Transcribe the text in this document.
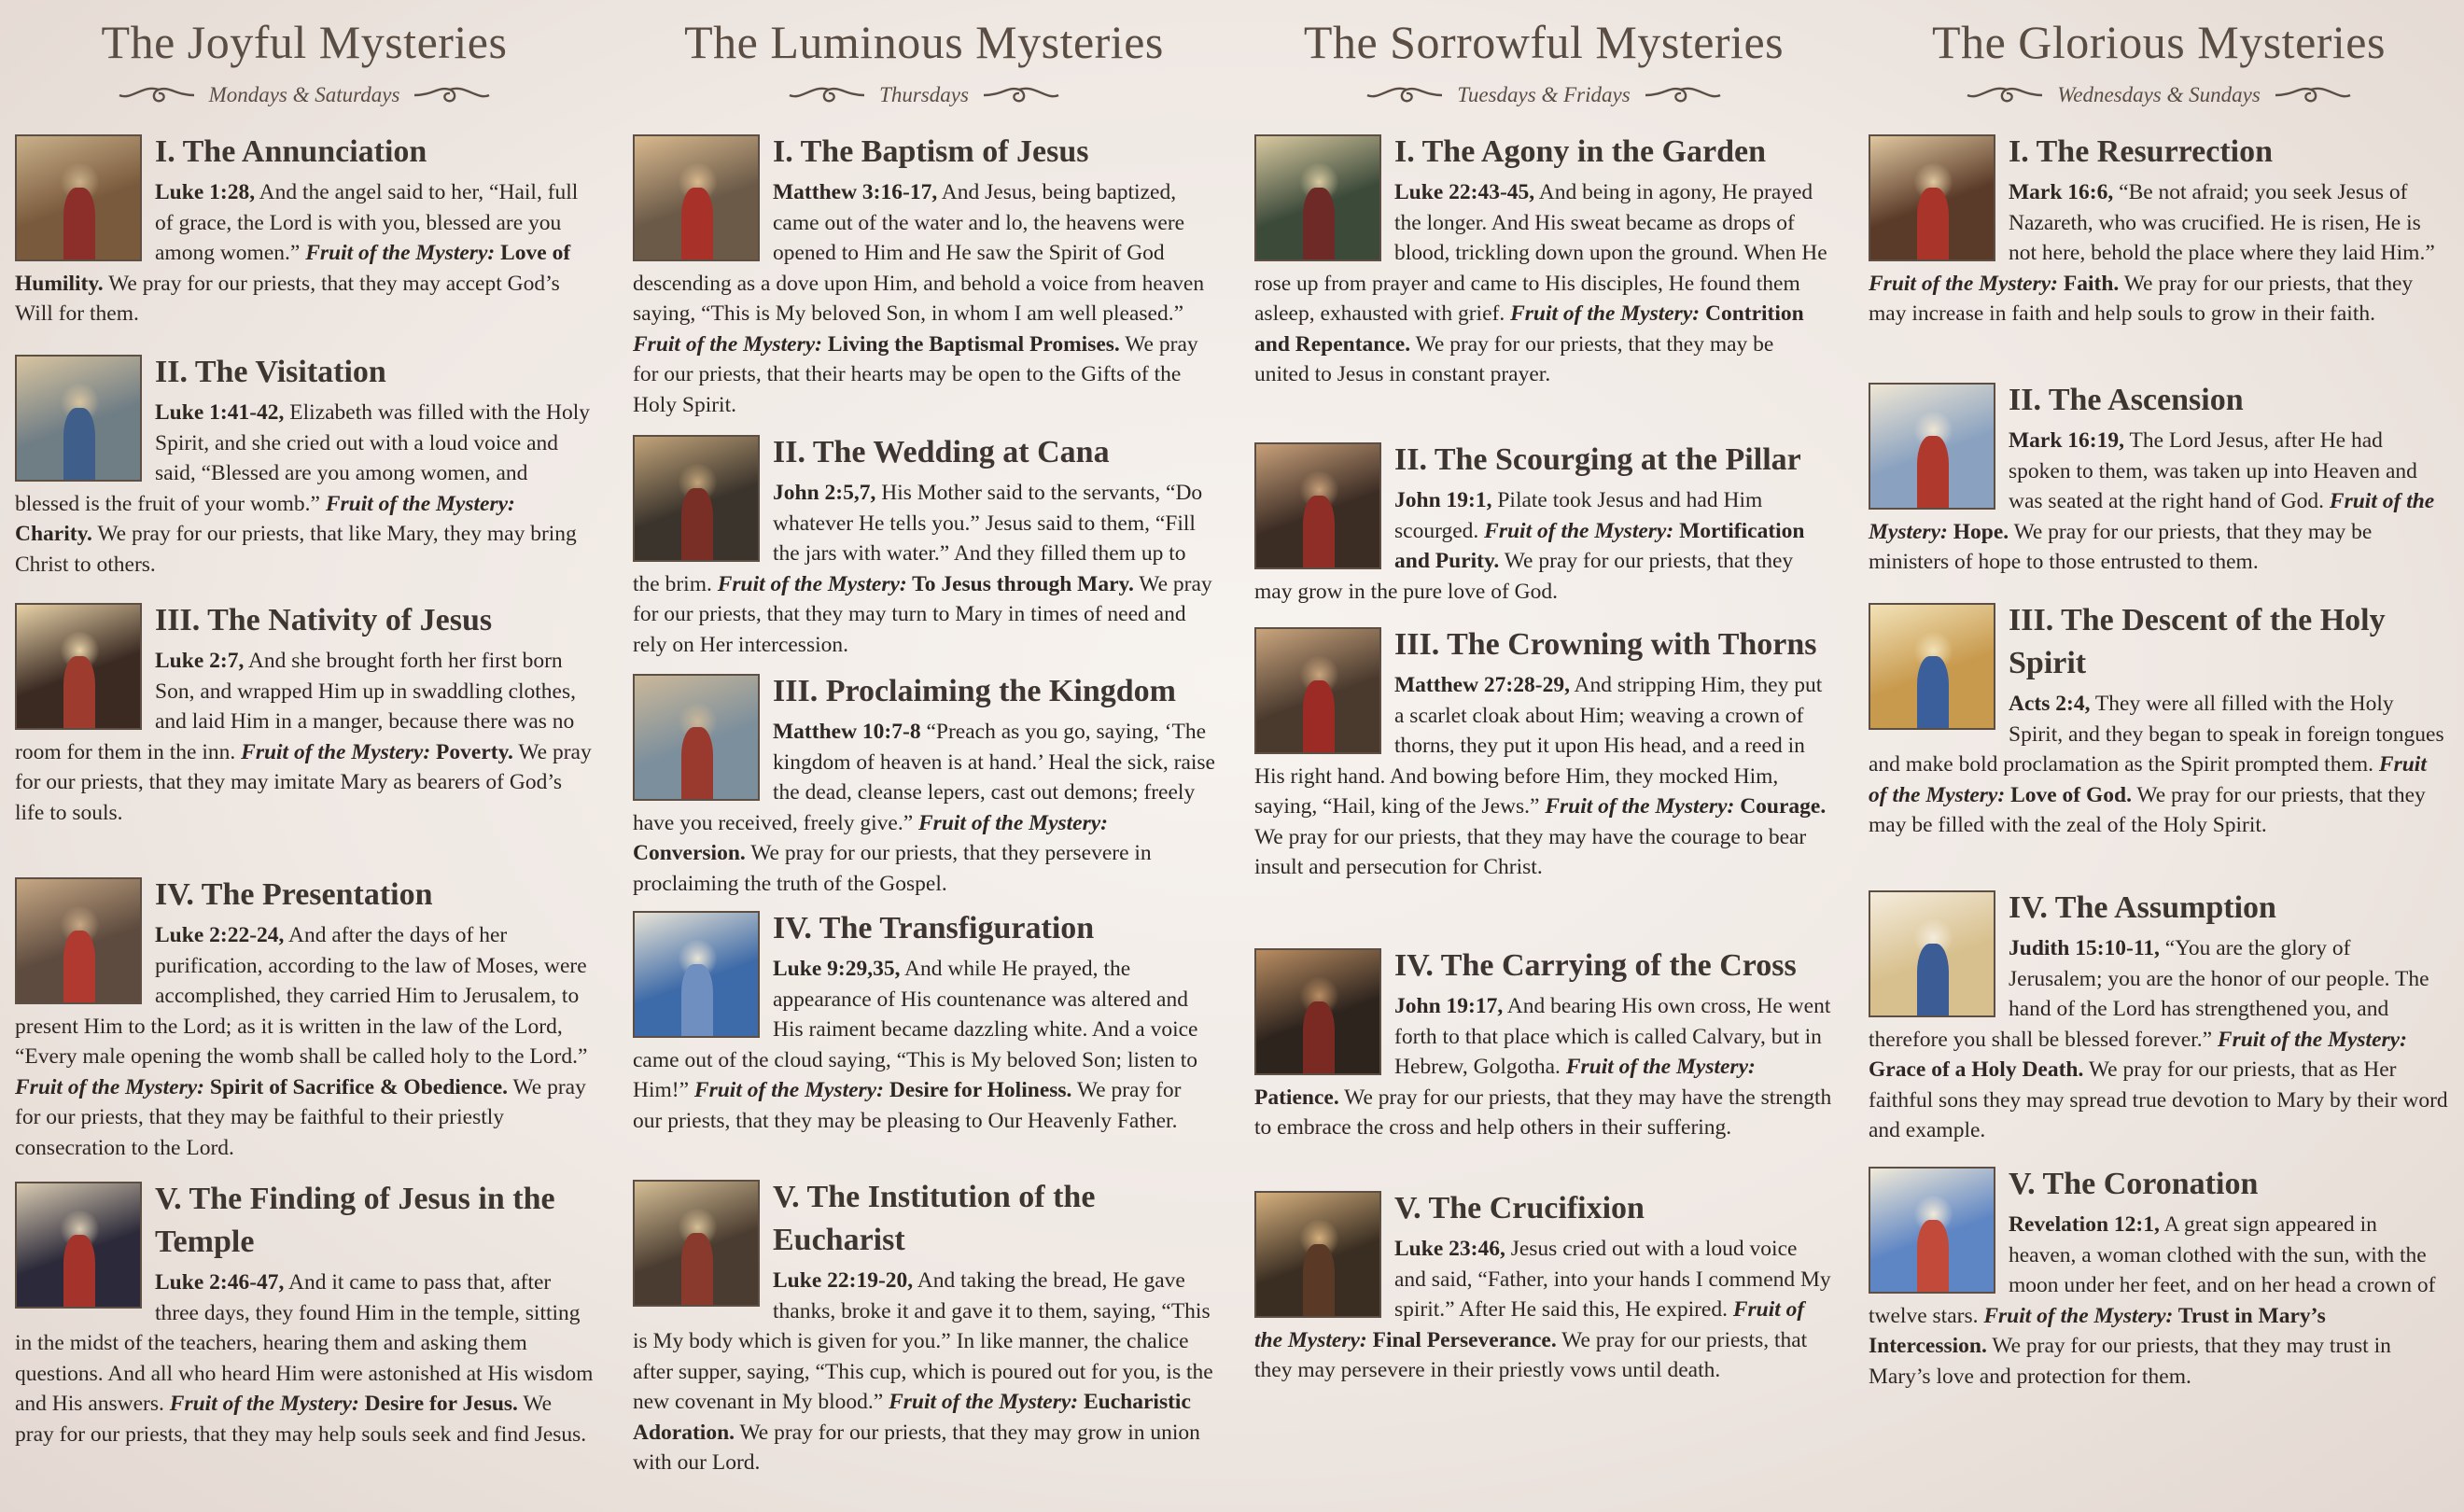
The Joyful Mysteries
Mondays & Saturdays
I. The Annunciation

Luke 1:28, And the angel said to her, “Hail, full of grace, the Lord is with you, blessed are you among women.” Fruit of the Mystery: Love of Humility. We pray for our priests, that they may accept God’s Will for them.

II. The Visitation

Luke 1:41-42, Elizabeth was filled with the Holy Spirit, and she cried out with a loud voice and said, “Blessed are you among women, and blessed is the fruit of your womb.” Fruit of the Mystery: Charity. We pray for our priests, that like Mary, they may bring Christ to others.

III. The Nativity of Jesus

Luke 2:7, And she brought forth her first born Son, and wrapped Him up in swaddling clothes, and laid Him in a manger, because there was no room for them in the inn. Fruit of the Mystery: Poverty. We pray for our priests, that they may imitate Mary as bearers of God’s life to souls.

IV. The Presentation

Luke 2:22-24, And after the days of her purification, according to the law of Moses, were accomplished, they carried Him to Jerusalem, to present Him to the Lord; as it is written in the law of the Lord, “Every male opening the womb shall be called holy to the Lord.” Fruit of the Mystery: Spirit of Sacrifice & Obedience. We pray for our priests, that they may be faithful to their priestly consecration to the Lord.

V. The Finding of Jesus in the Temple

Luke 2:46-47, And it came to pass that, after three days, they found Him in the temple, sitting in the midst of the teachers, hearing them and asking them questions. And all who heard Him were astonished at His wisdom and His answers. Fruit of the Mystery: Desire for Jesus. We pray for our priests, that they may help souls seek and find Jesus.

The Luminous Mysteries
Thursdays
I. The Baptism of Jesus

Matthew 3:16-17, And Jesus, being baptized, came out of the water and lo, the heavens were opened to Him and He saw the Spirit of God descending as a dove upon Him, and behold a voice from heaven saying, “This is My beloved Son, in whom I am well pleased.” Fruit of the Mystery: Living the Baptismal Promises. We pray for our priests, that their hearts may be open to the Gifts of the Holy Spirit.

II. The Wedding at Cana

John 2:5,7, His Mother said to the servants, “Do whatever He tells you.” Jesus said to them, “Fill the jars with water.” And they filled them up to the brim. Fruit of the Mystery: To Jesus through Mary. We pray for our priests, that they may turn to Mary in times of need and rely on Her intercession.

III. Proclaiming the Kingdom

Matthew 10:7-8 “Preach as you go, saying, ‘The kingdom of heaven is at hand.’ Heal the sick, raise the dead, cleanse lepers, cast out demons; freely have you received, freely give.” Fruit of the Mystery: Conversion. We pray for our priests, that they persevere in proclaiming the truth of the Gospel.

IV. The Transfiguration

Luke 9:29,35, And while He prayed, the appearance of His countenance was altered and His raiment became dazzling white. And a voice came out of the cloud saying, “This is My beloved Son; listen to Him!” Fruit of the Mystery: Desire for Holiness. We pray for our priests, that they may be pleasing to Our Heavenly Father.

V. The Institution of the Eucharist

Luke 22:19-20, And taking the bread, He gave thanks, broke it and gave it to them, saying, “This is My body which is given for you.” In like manner, the chalice after supper, saying, “This cup, which is poured out for you, is the new covenant in My blood.” Fruit of the Mystery: Eucharistic Adoration. We pray for our priests, that they may grow in union with our Lord.

The Sorrowful Mysteries
Tuesdays & Fridays
I. The Agony in the Garden

Luke 22:43-45, And being in agony, He prayed the longer. And His sweat became as drops of blood, trickling down upon the ground. When He rose up from prayer and came to His disciples, He found them asleep, exhausted with grief. Fruit of the Mystery: Contrition and Repentance. We pray for our priests, that they may be united to Jesus in constant prayer.

II. The Scourging at the Pillar

John 19:1, Pilate took Jesus and had Him scourged. Fruit of the Mystery: Mortification and Purity. We pray for our priests, that they may grow in the pure love of God.

III. The Crowning with Thorns

Matthew 27:28-29, And stripping Him, they put a scarlet cloak about Him; weaving a crown of thorns, they put it upon His head, and a reed in His right hand. And bowing before Him, they mocked Him, saying, “Hail, king of the Jews.” Fruit of the Mystery: Courage. We pray for our priests, that they may have the courage to bear insult and persecution for Christ.

IV. The Carrying of the Cross

John 19:17, And bearing His own cross, He went forth to that place which is called Calvary, but in Hebrew, Golgotha. Fruit of the Mystery: Patience. We pray for our priests, that they may have the strength to embrace the cross and help others in their suffering.

V. The Crucifixion

Luke 23:46, Jesus cried out with a loud voice and said, “Father, into your hands I commend My spirit.” After He said this, He expired. Fruit of the Mystery: Final Perseverance. We pray for our priests, that they may persevere in their priestly vows until death.

The Glorious Mysteries
Wednesdays & Sundays
I. The Resurrection

Mark 16:6, “Be not afraid; you seek Jesus of Nazareth, who was crucified. He is risen, He is not here, behold the place where they laid Him.” Fruit of the Mystery: Faith. We pray for our priests, that they may increase in faith and help souls to grow in their faith.

II. The Ascension

Mark 16:19, The Lord Jesus, after He had spoken to them, was taken up into Heaven and was seated at the right hand of God. Fruit of the Mystery: Hope. We pray for our priests, that they may be ministers of hope to those entrusted to them.

III. The Descent of the Holy Spirit

Acts 2:4, They were all filled with the Holy Spirit, and they began to speak in foreign tongues and make bold proclamation as the Spirit prompted them. Fruit of the Mystery: Love of God. We pray for our priests, that they may be filled with the zeal of the Holy Spirit.

IV. The Assumption

Judith 15:10-11, “You are the glory of Jerusalem; you are the honor of our people. The hand of the Lord has strengthened you, and therefore you shall be blessed forever.” Fruit of the Mystery: Grace of a Holy Death. We pray for our priests, that as Her faithful sons they may spread true devotion to Mary by their word and example.

V. The Coronation

Revelation 12:1, A great sign appeared in heaven, a woman clothed with the sun, with the moon under her feet, and on her head a crown of twelve stars. Fruit of the Mystery: Trust in Mary’s Intercession. We pray for our priests, that they may trust in Mary’s love and protection for them.
